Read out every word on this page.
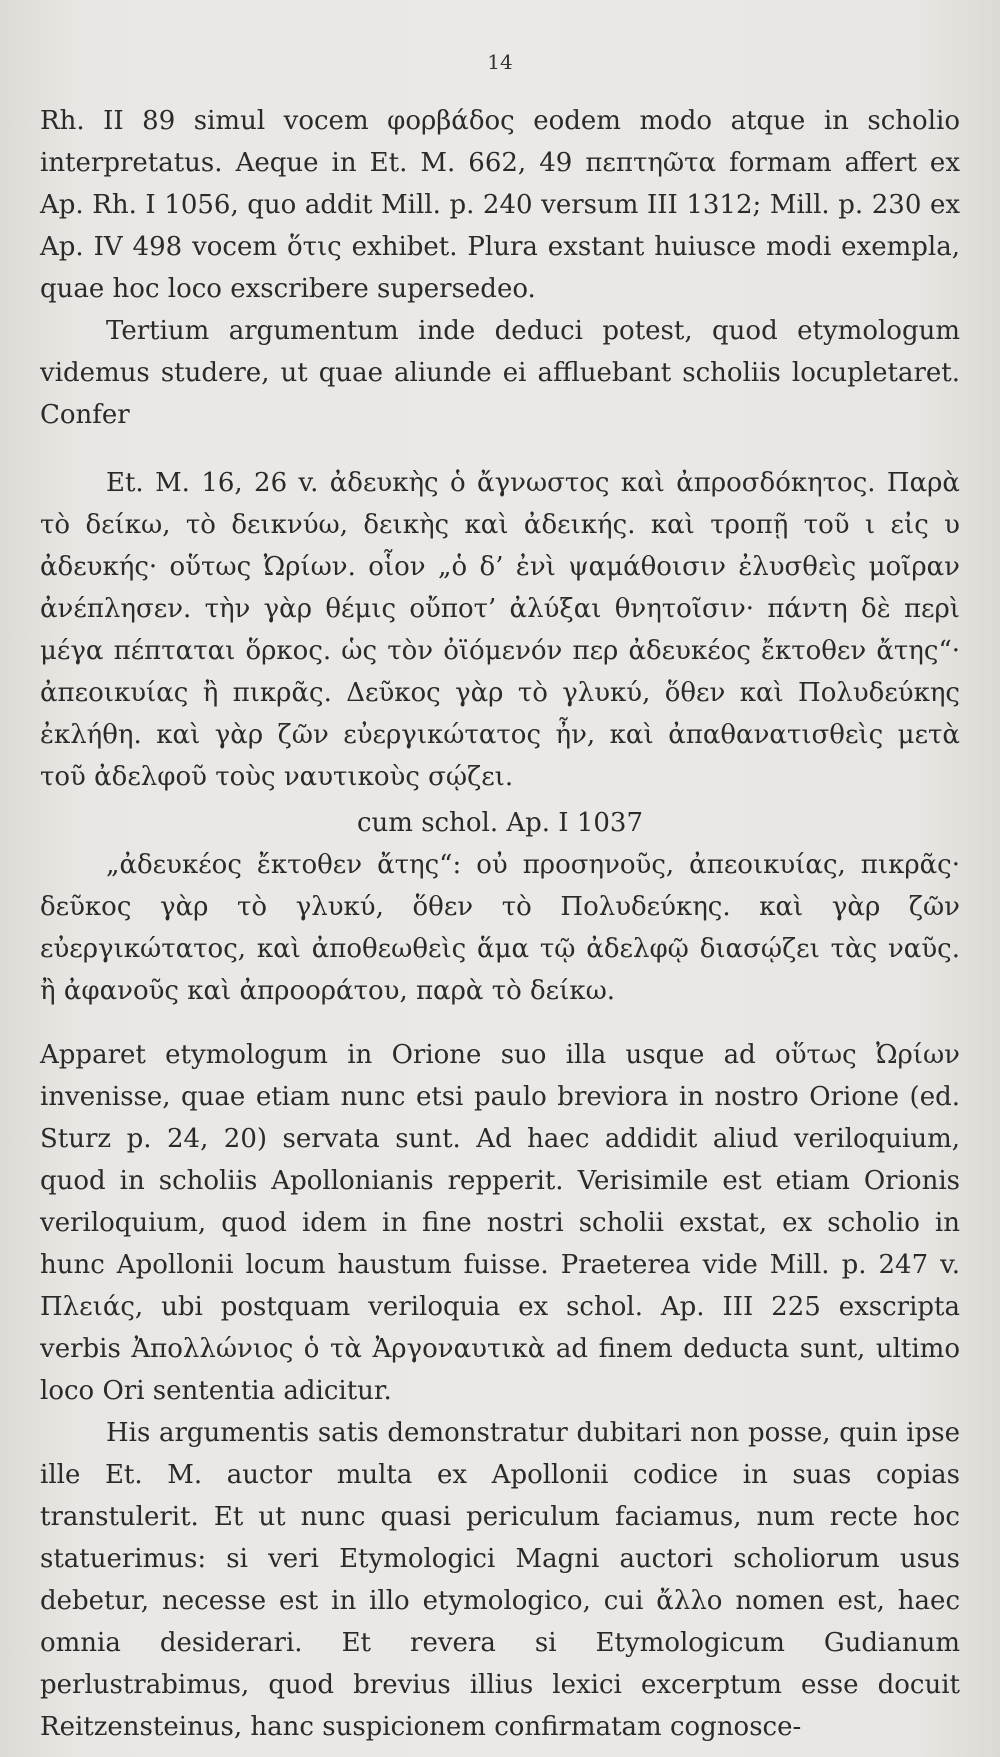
14

Rh. II 89 simul vocem φορβάδος eodem modo atque in scholio interpretatus. Aeque in Et. M. 662, 49 πεπτηῶτα formam affert ex Ap. Rh. I 1056, quo addit Mill. p. 240 versum III 1312; Mill. p. 230 ex Ap. IV 498 vocem ὅτις exhibet. Plura exstant huiusce modi exempla, quae hoc loco exscribere supersedeo.

Tertium argumentum inde deduci potest, quod etymologum videmus studere, ut quae aliunde ei affluebant scholiis locupletaret. Confer

Et. M. 16, 26 v. ἀδευκὴς ὁ ἄγνωστος καὶ ἀπροσδόκητος. Παρὰ τὸ δείκω, τὸ δεικνύω, δεικὴς καὶ ἀδεικής. καὶ τροπῇ τοῦ ι εἰς υ ἀδευκής· οὕτως Ὠρίων. οἷον „ὁ δ’ ἐνὶ ψαμάθοισιν ἐλυσθεὶς μοῖραν ἀνέπλησεν. τὴν γὰρ θέμις οὔποτ’ ἀλύξαι θνητοῖσιν· πάντη δὲ περὶ μέγα πέπταται ὅρκος. ὡς τὸν ὀϊόμενόν περ ἀδευκέος ἔκτοθεν ἄτης“· ἀπεοικυίας ἢ πικρᾶς. Δεῦκος γὰρ τὸ γλυκύ, ὅθεν καὶ Πολυδεύκης ἐκλήθη. καὶ γὰρ ζῶν εὐεργικώτατος ἦν, καὶ ἀπαθανατισθεὶς μετὰ τοῦ ἀδελφοῦ τοὺς ναυτικοὺς σῴζει.

cum schol. Ap. I 1037

„ἀδευκέος ἔκτοθεν ἄτης“: οὐ προσηνοῦς, ἀπεοικυίας, πικρᾶς· δεῦκος γὰρ τὸ γλυκύ, ὅθεν τὸ Πολυδεύκης. καὶ γὰρ ζῶν εὐεργικώτατος, καὶ ἀποθεωθεὶς ἅμα τῷ ἀδελφῷ διασῴζει τὰς ναῦς. ἢ ἀφανοῦς καὶ ἀπροοράτου, παρὰ τὸ δείκω.

Apparet etymologum in Orione suo illa usque ad οὕτως Ὠρίων invenisse, quae etiam nunc etsi paulo breviora in nostro Orione (ed. Sturz p. 24, 20) servata sunt. Ad haec addidit aliud veriloquium, quod in scholiis Apollonianis repperit. Verisimile est etiam Orionis veriloquium, quod idem in fine nostri scholii exstat, ex scholio in hunc Apollonii locum haustum fuisse. Praeterea vide Mill. p. 247 v. Πλειάς, ubi postquam veriloquia ex schol. Ap. III 225 exscripta verbis Ἀπολλώνιος ὁ τὰ Ἀργοναυτικὰ ad finem deducta sunt, ultimo loco Ori sententia adicitur.

His argumentis satis demonstratur dubitari non posse, quin ipse ille Et. M. auctor multa ex Apollonii codice in suas copias transtulerit. Et ut nunc quasi periculum faciamus, num recte hoc statuerimus: si veri Etymologici Magni auctori scholiorum usus debetur, necesse est in illo etymologico, cui ἄλλο nomen est, haec omnia desiderari. Et revera si Etymologicum Gudianum perlustrabimus, quod brevius illius lexici excerptum esse docuit Reitzensteinus, hanc suspicionem confirmatam cognosce-
